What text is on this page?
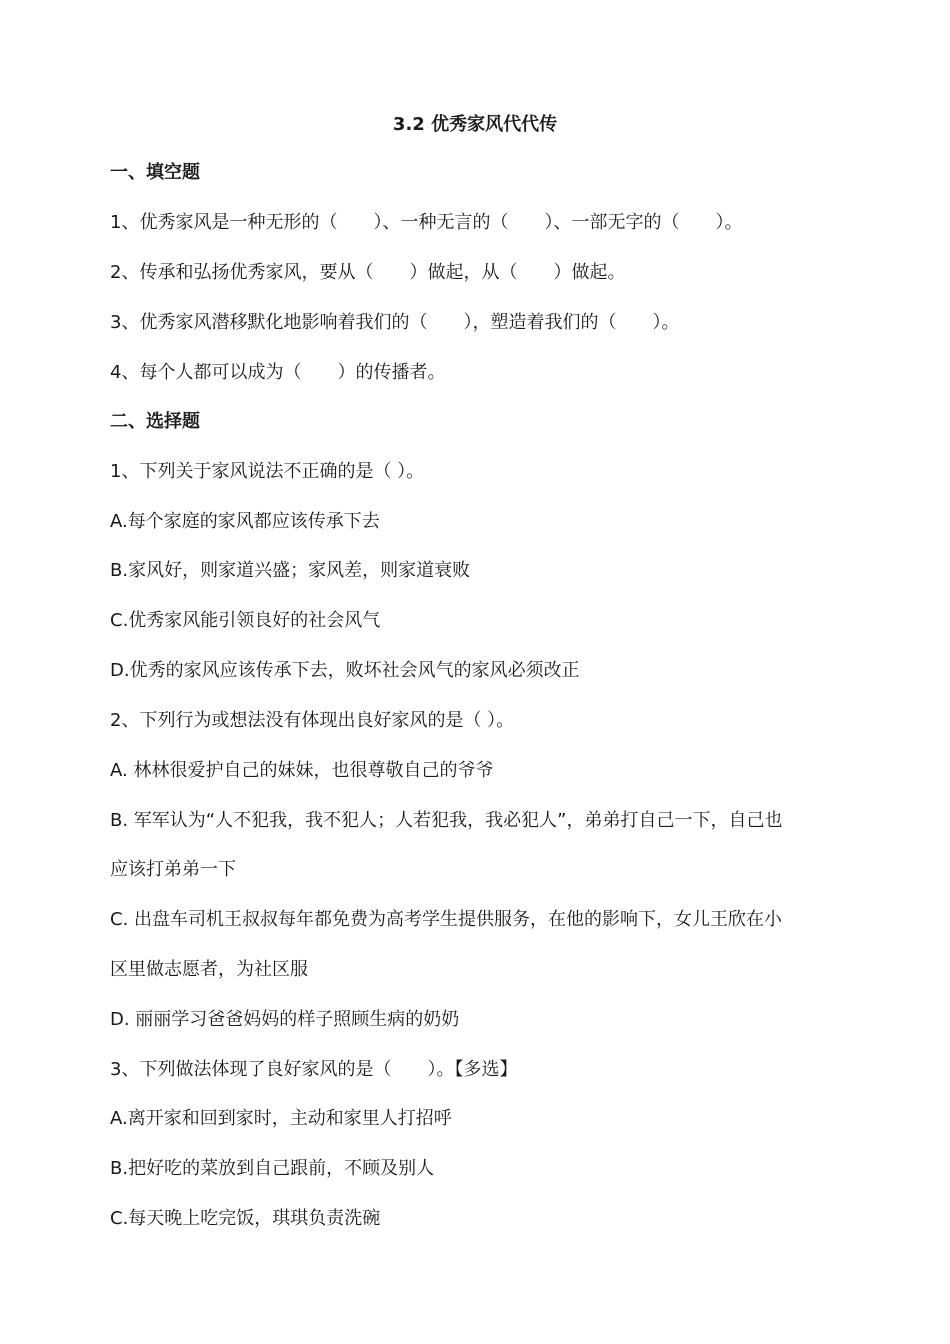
3.2 优秀家风代代传
一、填空题
1、优秀家风是一种无形的（　　）、一种无言的（　　）、一部无字的（　　）。
2、传承和弘扬优秀家风，要从（　　）做起，从（　　）做起。
3、优秀家风潜移默化地影响着我们的（　　），塑造着我们的（　　）。
4、每个人都可以成为（　　）的传播者。
二、选择题
1、下列关于家风说法不正确的是（ ）。
A.每个家庭的家风都应该传承下去
B.家风好，则家道兴盛；家风差，则家道衰败
C.优秀家风能引领良好的社会风气
D.优秀的家风应该传承下去，败坏社会风气的家风必须改正
2、下列行为或想法没有体现出良好家风的是（ ）。
A. 林林很爱护自己的妹妹，也很尊敬自己的爷爷
B. 军军认为“人不犯我，我不犯人；人若犯我，我必犯人”，弟弟打自己一下，自己也
应该打弟弟一下
C. 出盘车司机王叔叔每年都免费为高考学生提供服务，在他的影响下，女儿王欣在小
区里做志愿者，为社区服
D. 丽丽学习爸爸妈妈的样子照顾生病的奶奶
3、下列做法体现了良好家风的是（　　）。【多选】
A.离开家和回到家时，主动和家里人打招呼
B.把好吃的菜放到自己跟前，不顾及别人
C.每天晚上吃完饭，琪琪负责洗碗
